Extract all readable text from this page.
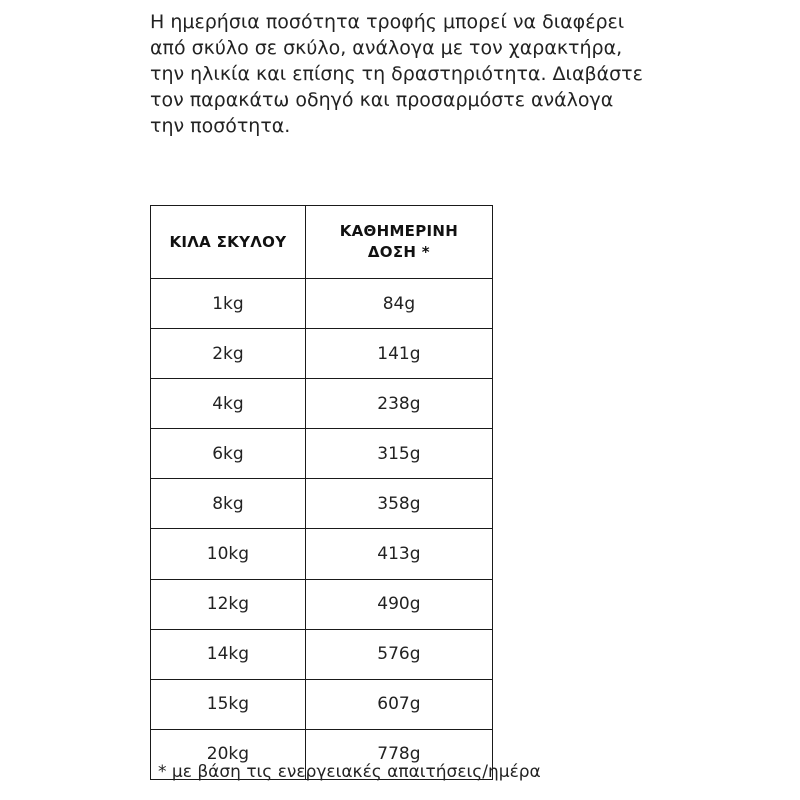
Η ημερήσια ποσότητα τροφής μπορεί να διαφέρει
από σκύλο σε σκύλο, ανάλογα με τον χαρακτήρα,
την ηλικία και επίσης τη δραστηριότητα. Διαβάστε
τον παρακάτω οδηγό και προσαρμόστε ανάλογα
την ποσότητα.

ΚΙΛΑ ΣΚΥΛΟΥ	ΚΑΘΗΜΕΡΙΝΗ ΔΟΣΗ *
1kg	84g
2kg	141g
4kg	238g
6kg	315g
8kg	358g
10kg	413g
12kg	490g
14kg	576g
15kg	607g
20kg	778g
* με βάση τις ενεργειακές απαιτήσεις/ημέρα
